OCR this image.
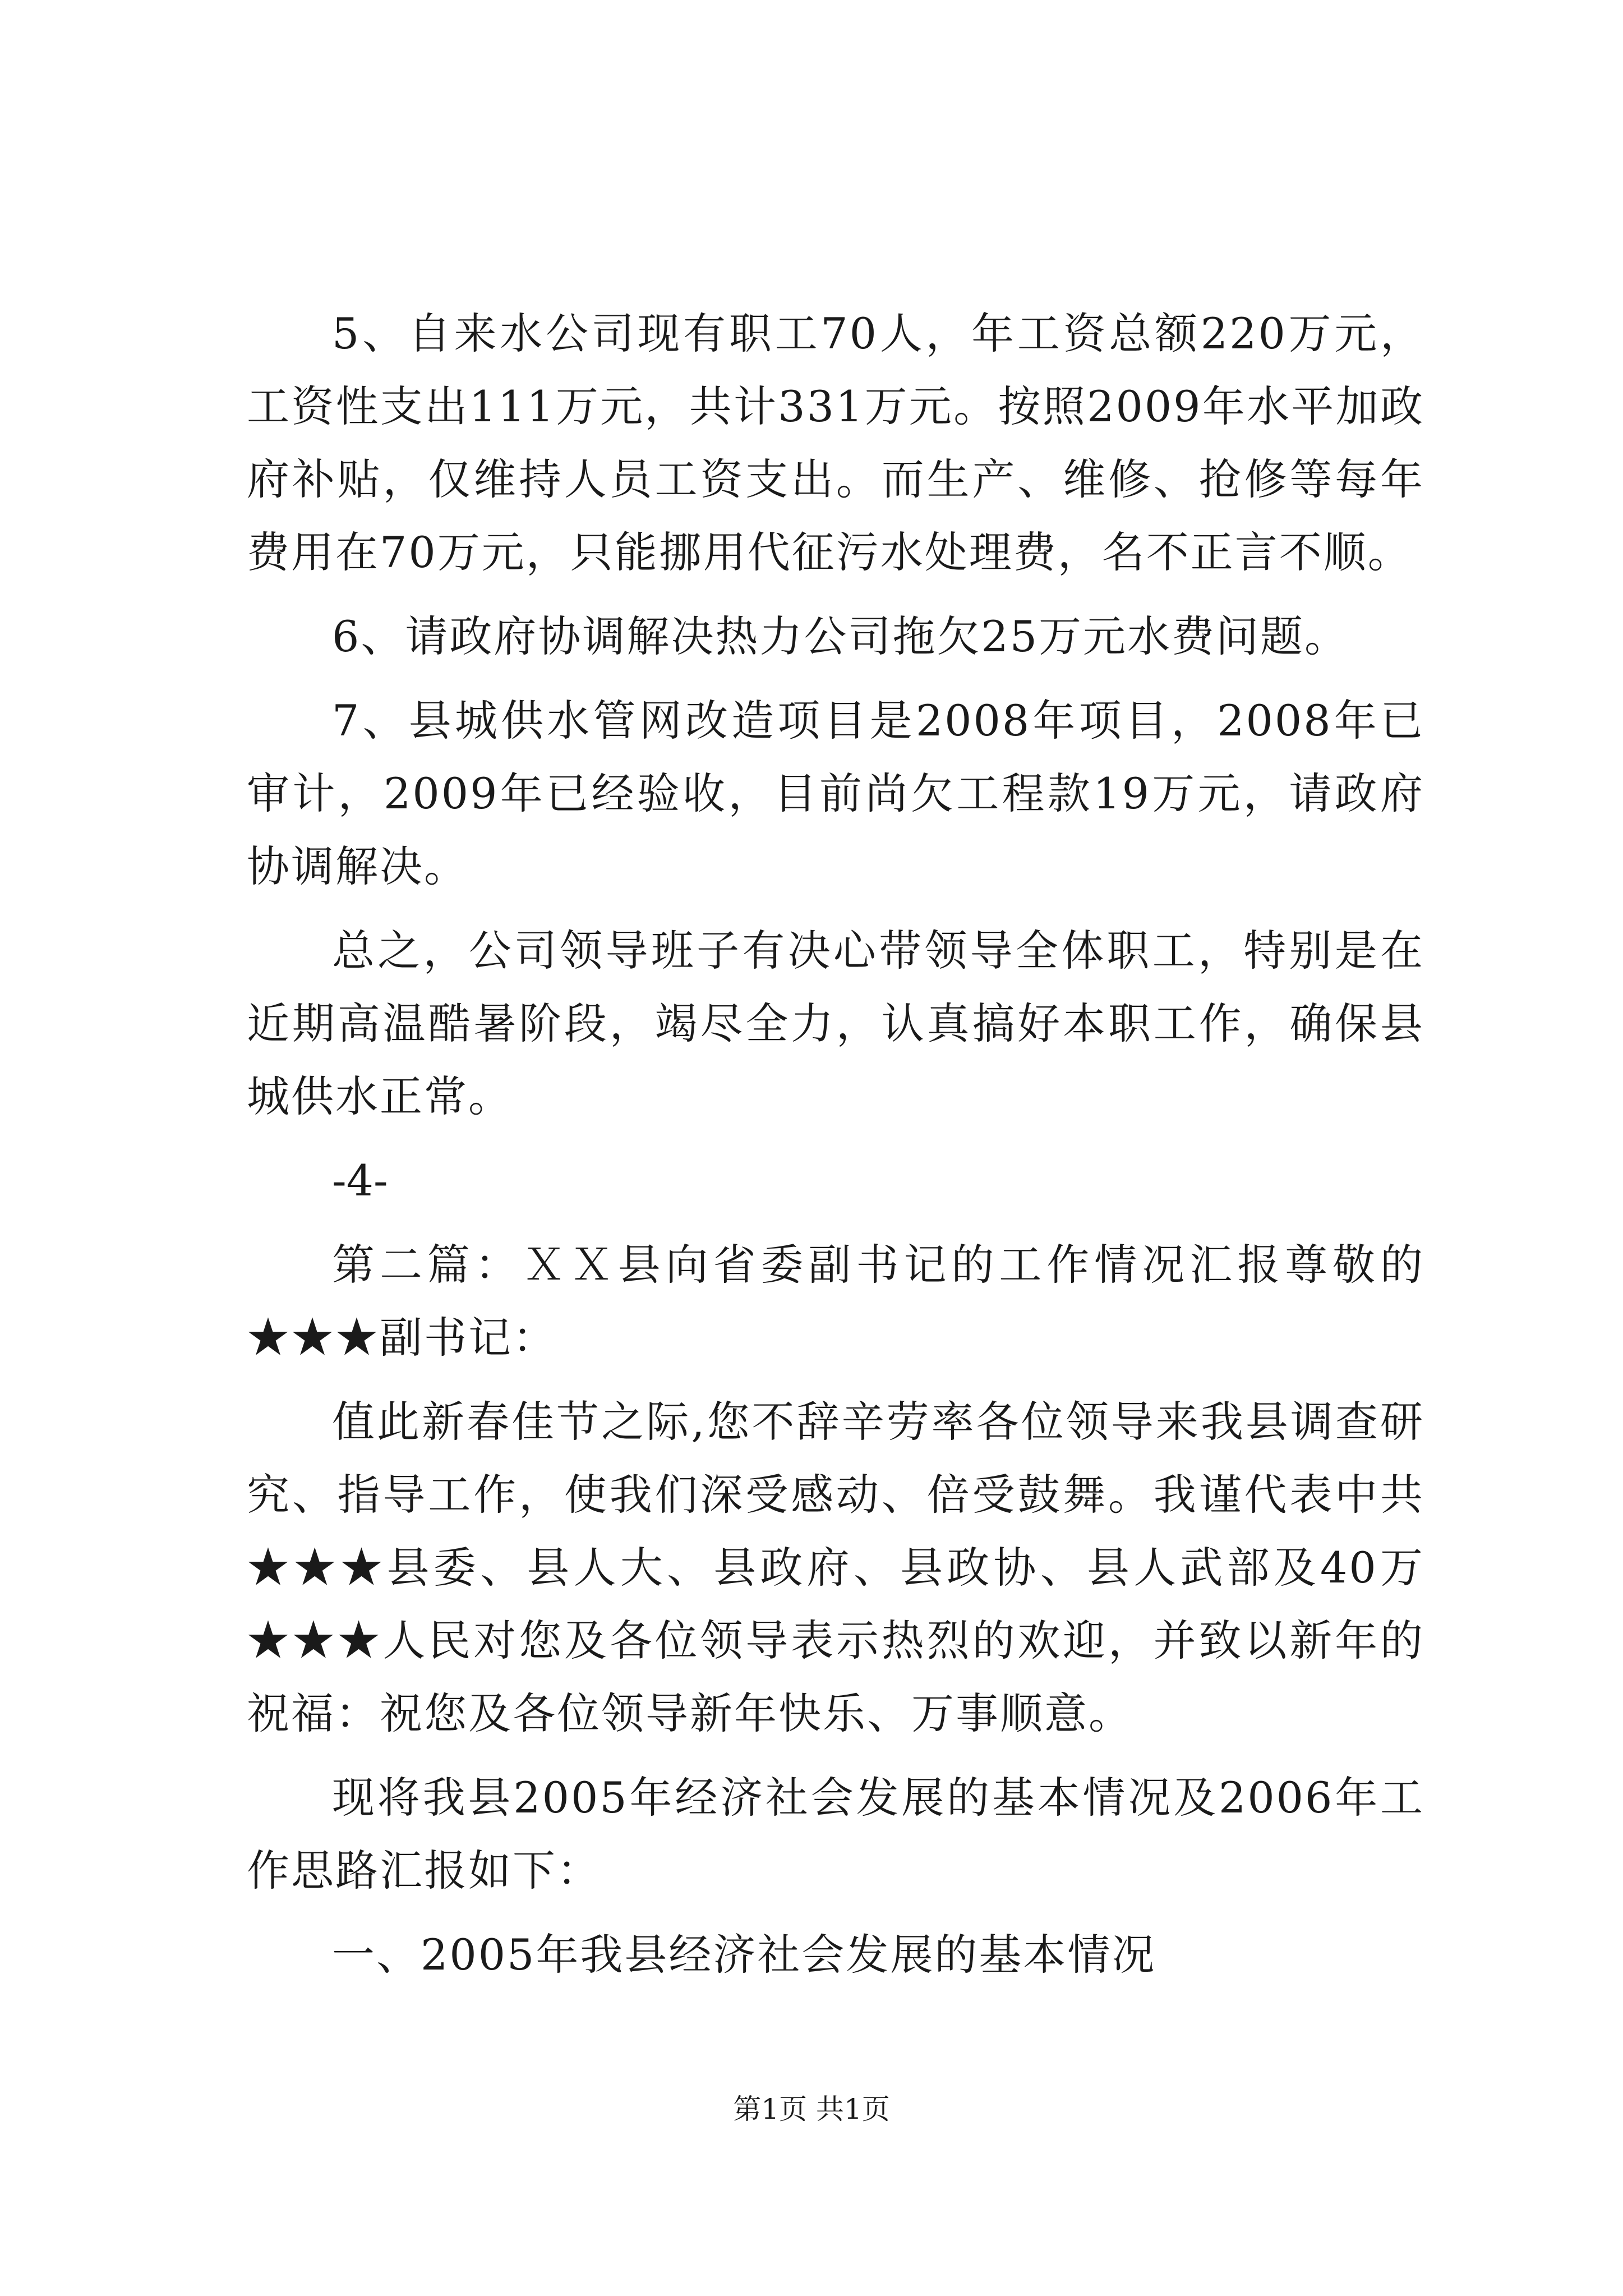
5、自来水公司现有职工70人，年工资总额220万元，工资性支出111万元，共计331万元。按照2009年水平加政府补贴，仅维持人员工资支出。而生产、维修、抢修等每年费用在70万元，只能挪用代征污水处理费，名不正言不顺。

6、请政府协调解决热力公司拖欠25万元水费问题。

7、县城供水管网改造项目是2008年项目，2008年已审计，2009年已经验收，目前尚欠工程款19万元，请政府协调解决。

总之，公司领导班子有决心带领导全体职工，特别是在近期高温酷暑阶段，竭尽全力，认真搞好本职工作，确保县城供水正常。

-4-

第二篇：ＸＸ县向省委副书记的工作情况汇报尊敬的★★★副书记：

值此新春佳节之际,您不辞辛劳率各位领导来我县调查研究、指导工作，使我们深受感动、倍受鼓舞。我谨代表中共★★★县委、县人大、县政府、县政协、县人武部及40万★★★人民对您及各位领导表示热烈的欢迎，并致以新年的祝福：祝您及各位领导新年快乐、万事顺意。

现将我县2005年经济社会发展的基本情况及2006年工作思路汇报如下：

一、2005年我县经济社会发展的基本情况

第1页 共1页
